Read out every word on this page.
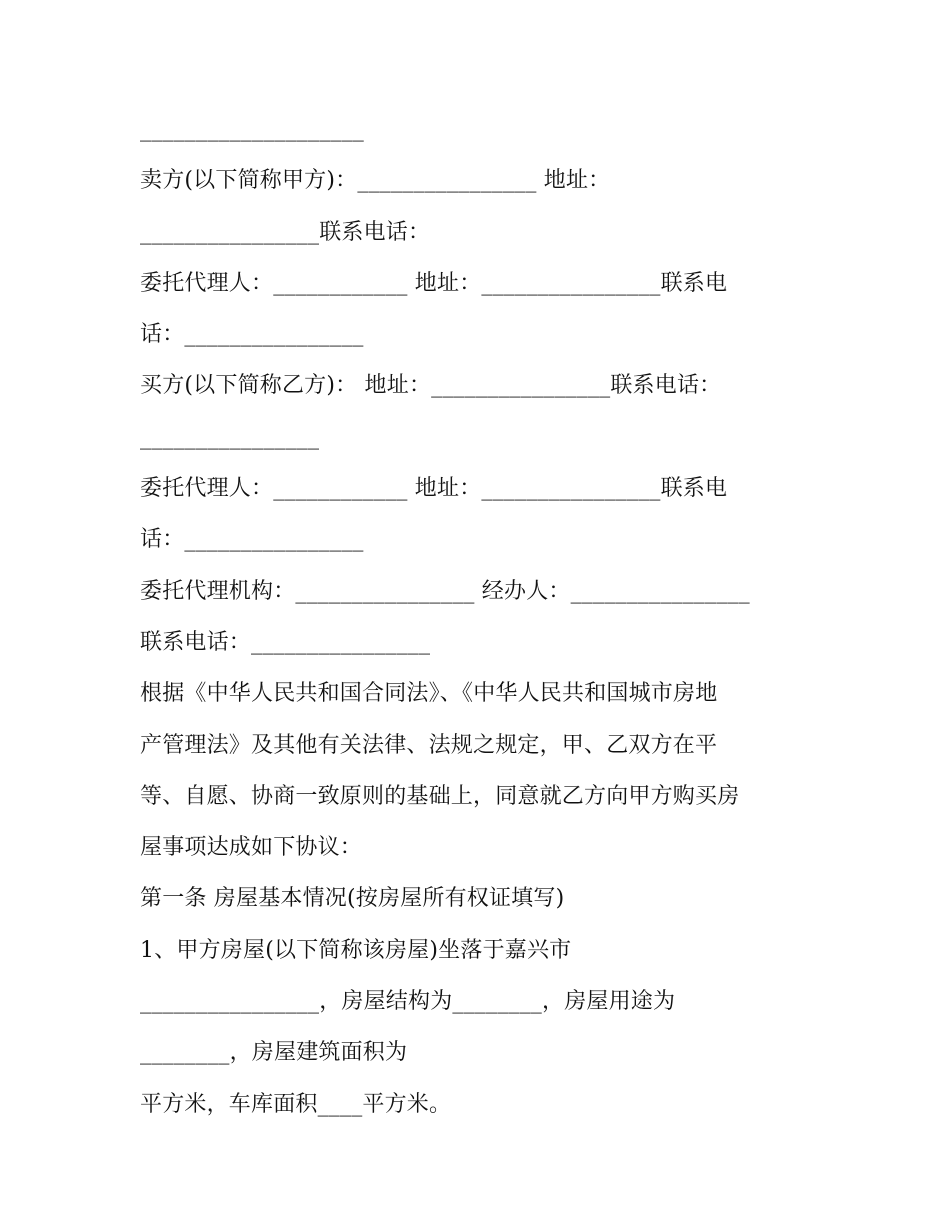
____________________
卖方(以下简称甲方)：________________ 地址：
________________联系电话：
委托代理人：____________ 地址：________________联系电
话：________________
买方(以下简称乙方)： 地址：________________联系电话：
________________
委托代理人：____________ 地址：________________联系电
话：________________
委托代理机构：________________ 经办人：________________
联系电话：________________
根据《中华人民共和国合同法》、《中华人民共和国城市房地
产管理法》及其他有关法律、法规之规定，甲、乙双方在平
等、自愿、协商一致原则的基础上，同意就乙方向甲方购买房
屋事项达成如下协议：
第一条 房屋基本情况(按房屋所有权证填写)
1、甲方房屋(以下简称该房屋)坐落于嘉兴市
________________，房屋结构为________，房屋用途为
________，房屋建筑面积为
平方米，车库面积____平方米。
